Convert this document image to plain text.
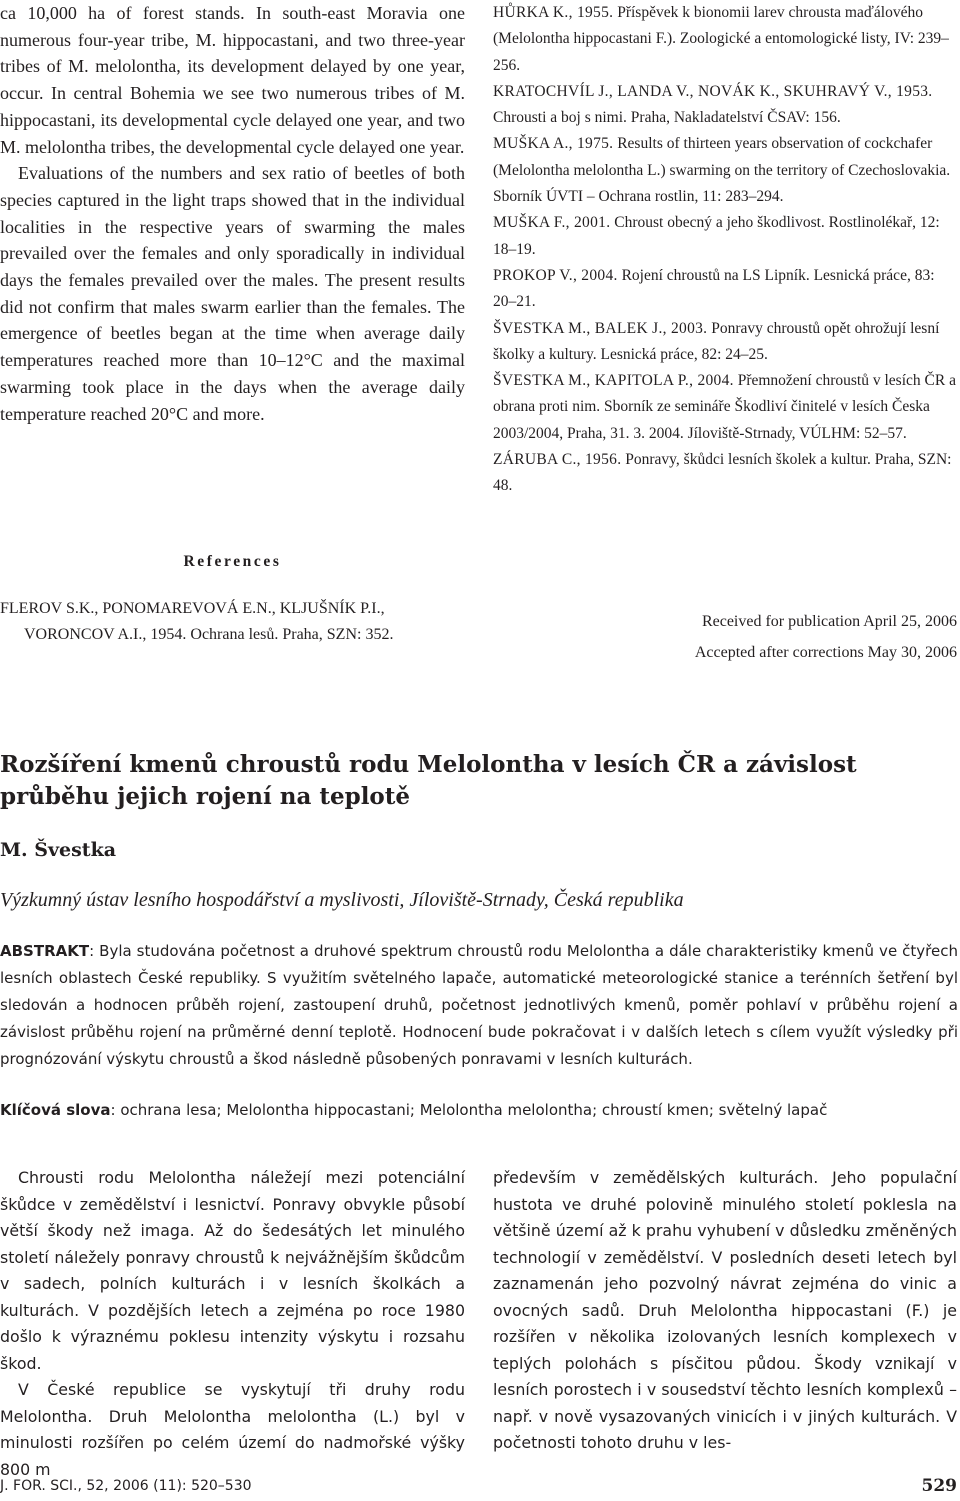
ca 10,000 ha of forest stands. In south-east Moravia one numerous four-year tribe, M. hippocastani, and two three-year tribes of M. melolontha, its development delayed by one year, occur. In central Bohemia we see two numerous tribes of M. hippocastani, its developmental cycle delayed one year, and two M. melolontha tribes, the developmental cycle delayed one year.

Evaluations of the numbers and sex ratio of beetles of both species captured in the light traps showed that in the individual localities in the respective years of swarming the males prevailed over the females and only sporadically in individual days the females prevailed over the males. The present results did not confirm that males swarm earlier than the females. The emergence of beetles began at the time when average daily temperatures reached more than 10–12°C and the maximal swarming took place in the days when the average daily temperature reached 20°C and more.

References
FLEROV S.K., PONOMAREVOVÁ E.N., KLJUŠNÍK P.I.,
VORONCOV A.I., 1954. Ochrana lesů. Praha, SZN: 352.
HŮRKA K., 1955. Příspěvek k bionomii larev chrousta maďálového (Melolontha hippocastani F.). Zoologické a entomologické listy, IV: 239–256.
KRATOCHVÍL J., LANDA V., NOVÁK K., SKUHRAVÝ V., 1953. Chrousti a boj s nimi. Praha, Nakladatelství ČSAV: 156.
MUŠKA A., 1975. Results of thirteen years observation of cockchafer (Melolontha melolontha L.) swarming on the territory of Czechoslovakia. Sborník ÚVTI – Ochrana rostlin, 11: 283–294.
MUŠKA F., 2001. Chroust obecný a jeho škodlivost. Rostlinolékař, 12: 18–19.
PROKOP V., 2004. Rojení chroustů na LS Lipník. Lesnická práce, 83: 20–21.
ŠVESTKA M., BALEK J., 2003. Ponravy chroustů opět ohrožují lesní školky a kultury. Lesnická práce, 82: 24–25.
ŠVESTKA M., KAPITOLA P., 2004. Přemnožení chroustů v lesích ČR a obrana proti nim. Sborník ze semináře Škodliví činitelé v lesích Česka 2003/2004, Praha, 31. 3. 2004. Jíloviště-Strnady, VÚLHM: 52–57.
ZÁRUBA C., 1956. Ponravy, škůdci lesních školek a kultur. Praha, SZN: 48.
Received for publication April 25, 2006
Accepted after corrections May 30, 2006
Rozšíření kmenů chroustů rodu Melolontha v lesích ČR a závislost průběhu jejich rojení na teplotě
M. Švestka
Výzkumný ústav lesního hospodářství a myslivosti, Jíloviště-Strnady, Česká republika
ABSTRAKT: Byla studována početnost a druhové spektrum chroustů rodu Melolontha a dále charakteristiky kmenů ve čtyřech lesních oblastech České republiky. S využitím světelného lapače, automatické meteorologické stanice a terénních šetření byl sledován a hodnocen průběh rojení, zastoupení druhů, početnost jednotlivých kmenů, poměr pohlaví v průběhu rojení a závislost průběhu rojení na průměrné denní teplotě. Hodnocení bude pokračovat i v dalších letech s cílem využít výsledky při prognózování výskytu chroustů a škod následně působených ponravami v lesních kulturách.
Klíčová slova: ochrana lesa; Melolontha hippocastani; Melolontha melolontha; chroustí kmen; světelný lapač

Chrousti rodu Melolontha náležejí mezi potenciální škůdce v zemědělství i lesnictví. Ponravy obvykle působí větší škody než imaga. Až do šedesátých let minulého století náležely ponravy chroustů k nejvážnějším škůdcům v sadech, polních kulturách i v lesních školkách a kulturách. V pozdějších letech a zejména po roce 1980 došlo k výraznému poklesu intenzity výskytu i rozsahu škod.

V České republice se vyskytují tři druhy rodu Melolontha. Druh Melolontha melolontha (L.) byl v minulosti rozšířen po celém území do nadmořské výšky 800 m

především v zemědělských kulturách. Jeho populační hustota ve druhé polovině minulého století poklesla na většině území až k prahu vyhubení v důsledku změněných technologií v zemědělství. V posledních deseti letech byl zaznamenán jeho pozvolný návrat zejména do vinic a ovocných sadů. Druh Melolontha hippocastani (F.) je rozšířen v několika izolovaných lesních komplexech v teplých polohách s písčitou půdou. Škody vznikají v lesních porostech i v sousedství těchto lesních komplexů – např. v nově vysazovaných vinicích i v jiných kulturách. V početnosti tohoto druhu v les-

J. FOR. SCI., 52, 2006 (11): 520–530	529
